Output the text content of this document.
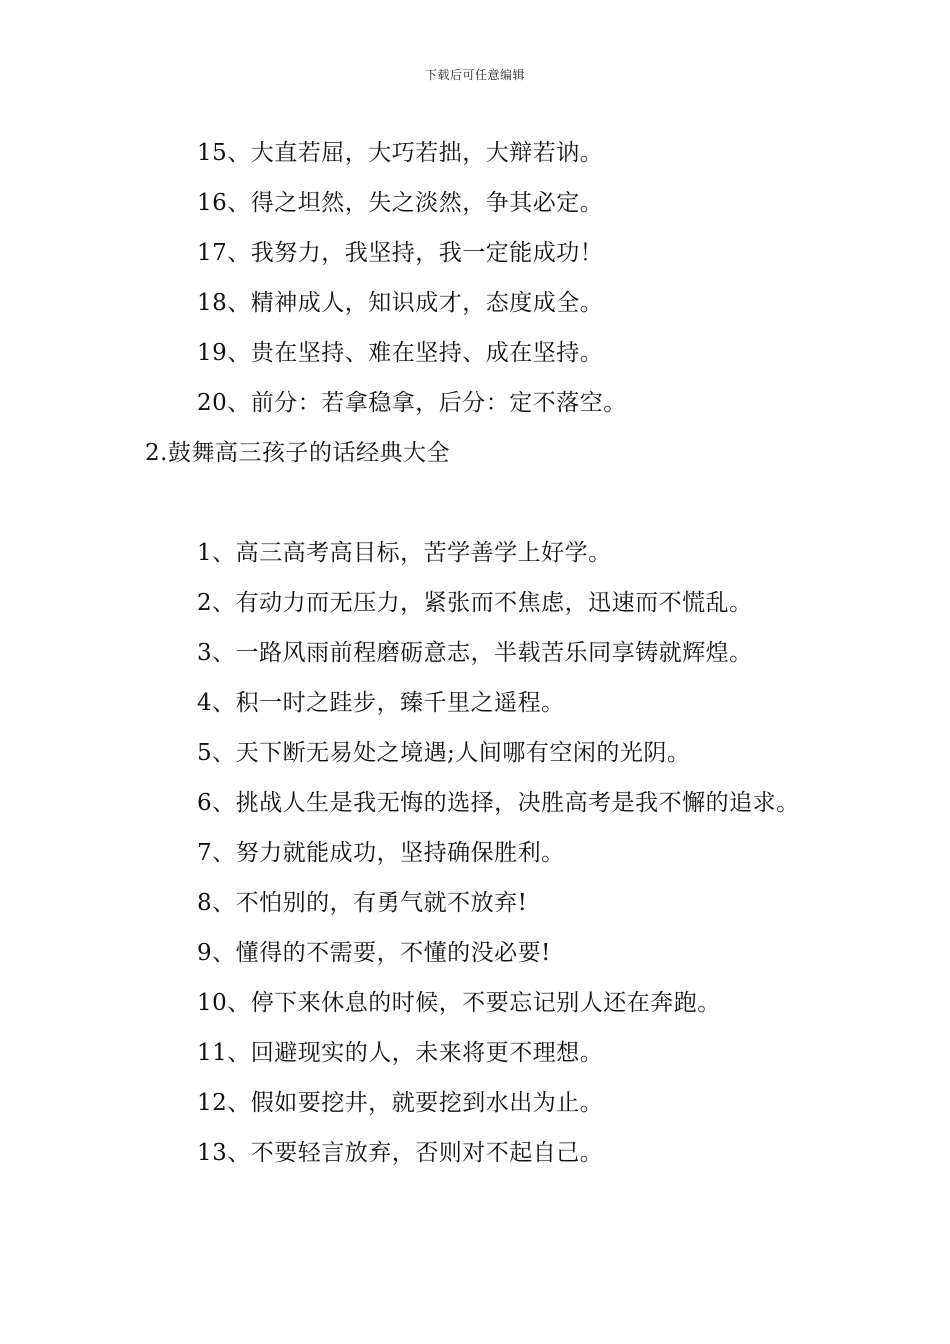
下载后可任意编辑
15、大直若屈，大巧若拙，大辩若讷。
16、得之坦然，失之淡然，争其必定。
17、我努力，我坚持，我一定能成功！
18、精神成人，知识成才，态度成全。
19、贵在坚持、难在坚持、成在坚持。
20、前分：若拿稳拿，后分：定不落空。
2.鼓舞高三孩子的话经典大全
1、高三高考高目标，苦学善学上好学。
2、有动力而无压力，紧张而不焦虑，迅速而不慌乱。
3、一路风雨前程磨砺意志，半载苦乐同享铸就辉煌。
4、积一时之跬步，臻千里之遥程。
5、天下断无易处之境遇;人间哪有空闲的光阴。
6、挑战人生是我无悔的选择，决胜高考是我不懈的追求。
7、努力就能成功，坚持确保胜利。
8、不怕别的，有勇气就不放弃!
9、懂得的不需要，不懂的没必要!
10、停下来休息的时候，不要忘记别人还在奔跑。
11、回避现实的人，未来将更不理想。
12、假如要挖井，就要挖到水出为止。
13、不要轻言放弃，否则对不起自己。
